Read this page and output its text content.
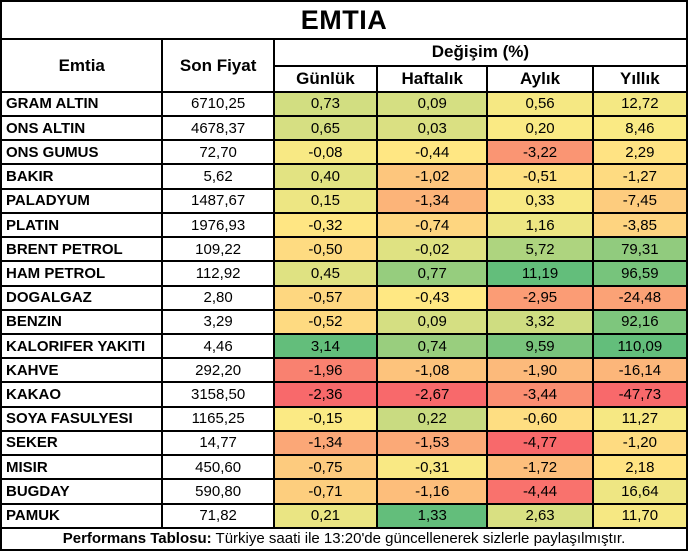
EMTIA					
Emtia	Son Fiyat	Değişim (%)			
		Günlük	Haftalık	Aylık	Yıllık
GRAM ALTIN	6710,25	0,73	0,09	0,56	12,72
ONS ALTIN	4678,37	0,65	0,03	0,20	8,46
ONS GUMUS	72,70	-0,08	-0,44	-3,22	2,29
BAKIR	5,62	0,40	-1,02	-0,51	-1,27
PALADYUM	1487,67	0,15	-1,34	0,33	-7,45
PLATIN	1976,93	-0,32	-0,74	1,16	-3,85
BRENT PETROL	109,22	-0,50	-0,02	5,72	79,31
HAM PETROL	112,92	0,45	0,77	11,19	96,59
DOGALGAZ	2,80	-0,57	-0,43	-2,95	-24,48
BENZIN	3,29	-0,52	0,09	3,32	92,16
KALORIFER YAKITI	4,46	3,14	0,74	9,59	110,09
KAHVE	292,20	-1,96	-1,08	-1,90	-16,14
KAKAO	3158,50	-2,36	-2,67	-3,44	-47,73
SOYA FASULYESI	1165,25	-0,15	0,22	-0,60	11,27
SEKER	14,77	-1,34	-1,53	-4,77	-1,20
MISIR	450,60	-0,75	-0,31	-1,72	2,18
BUGDAY	590,80	-0,71	-1,16	-4,44	16,64
PAMUK	71,82	0,21	1,33	2,63	11,70
Performans Tablosu: Türkiye saati ile 13:20'de güncellenerek sizlerle paylaşılmıştır.					
